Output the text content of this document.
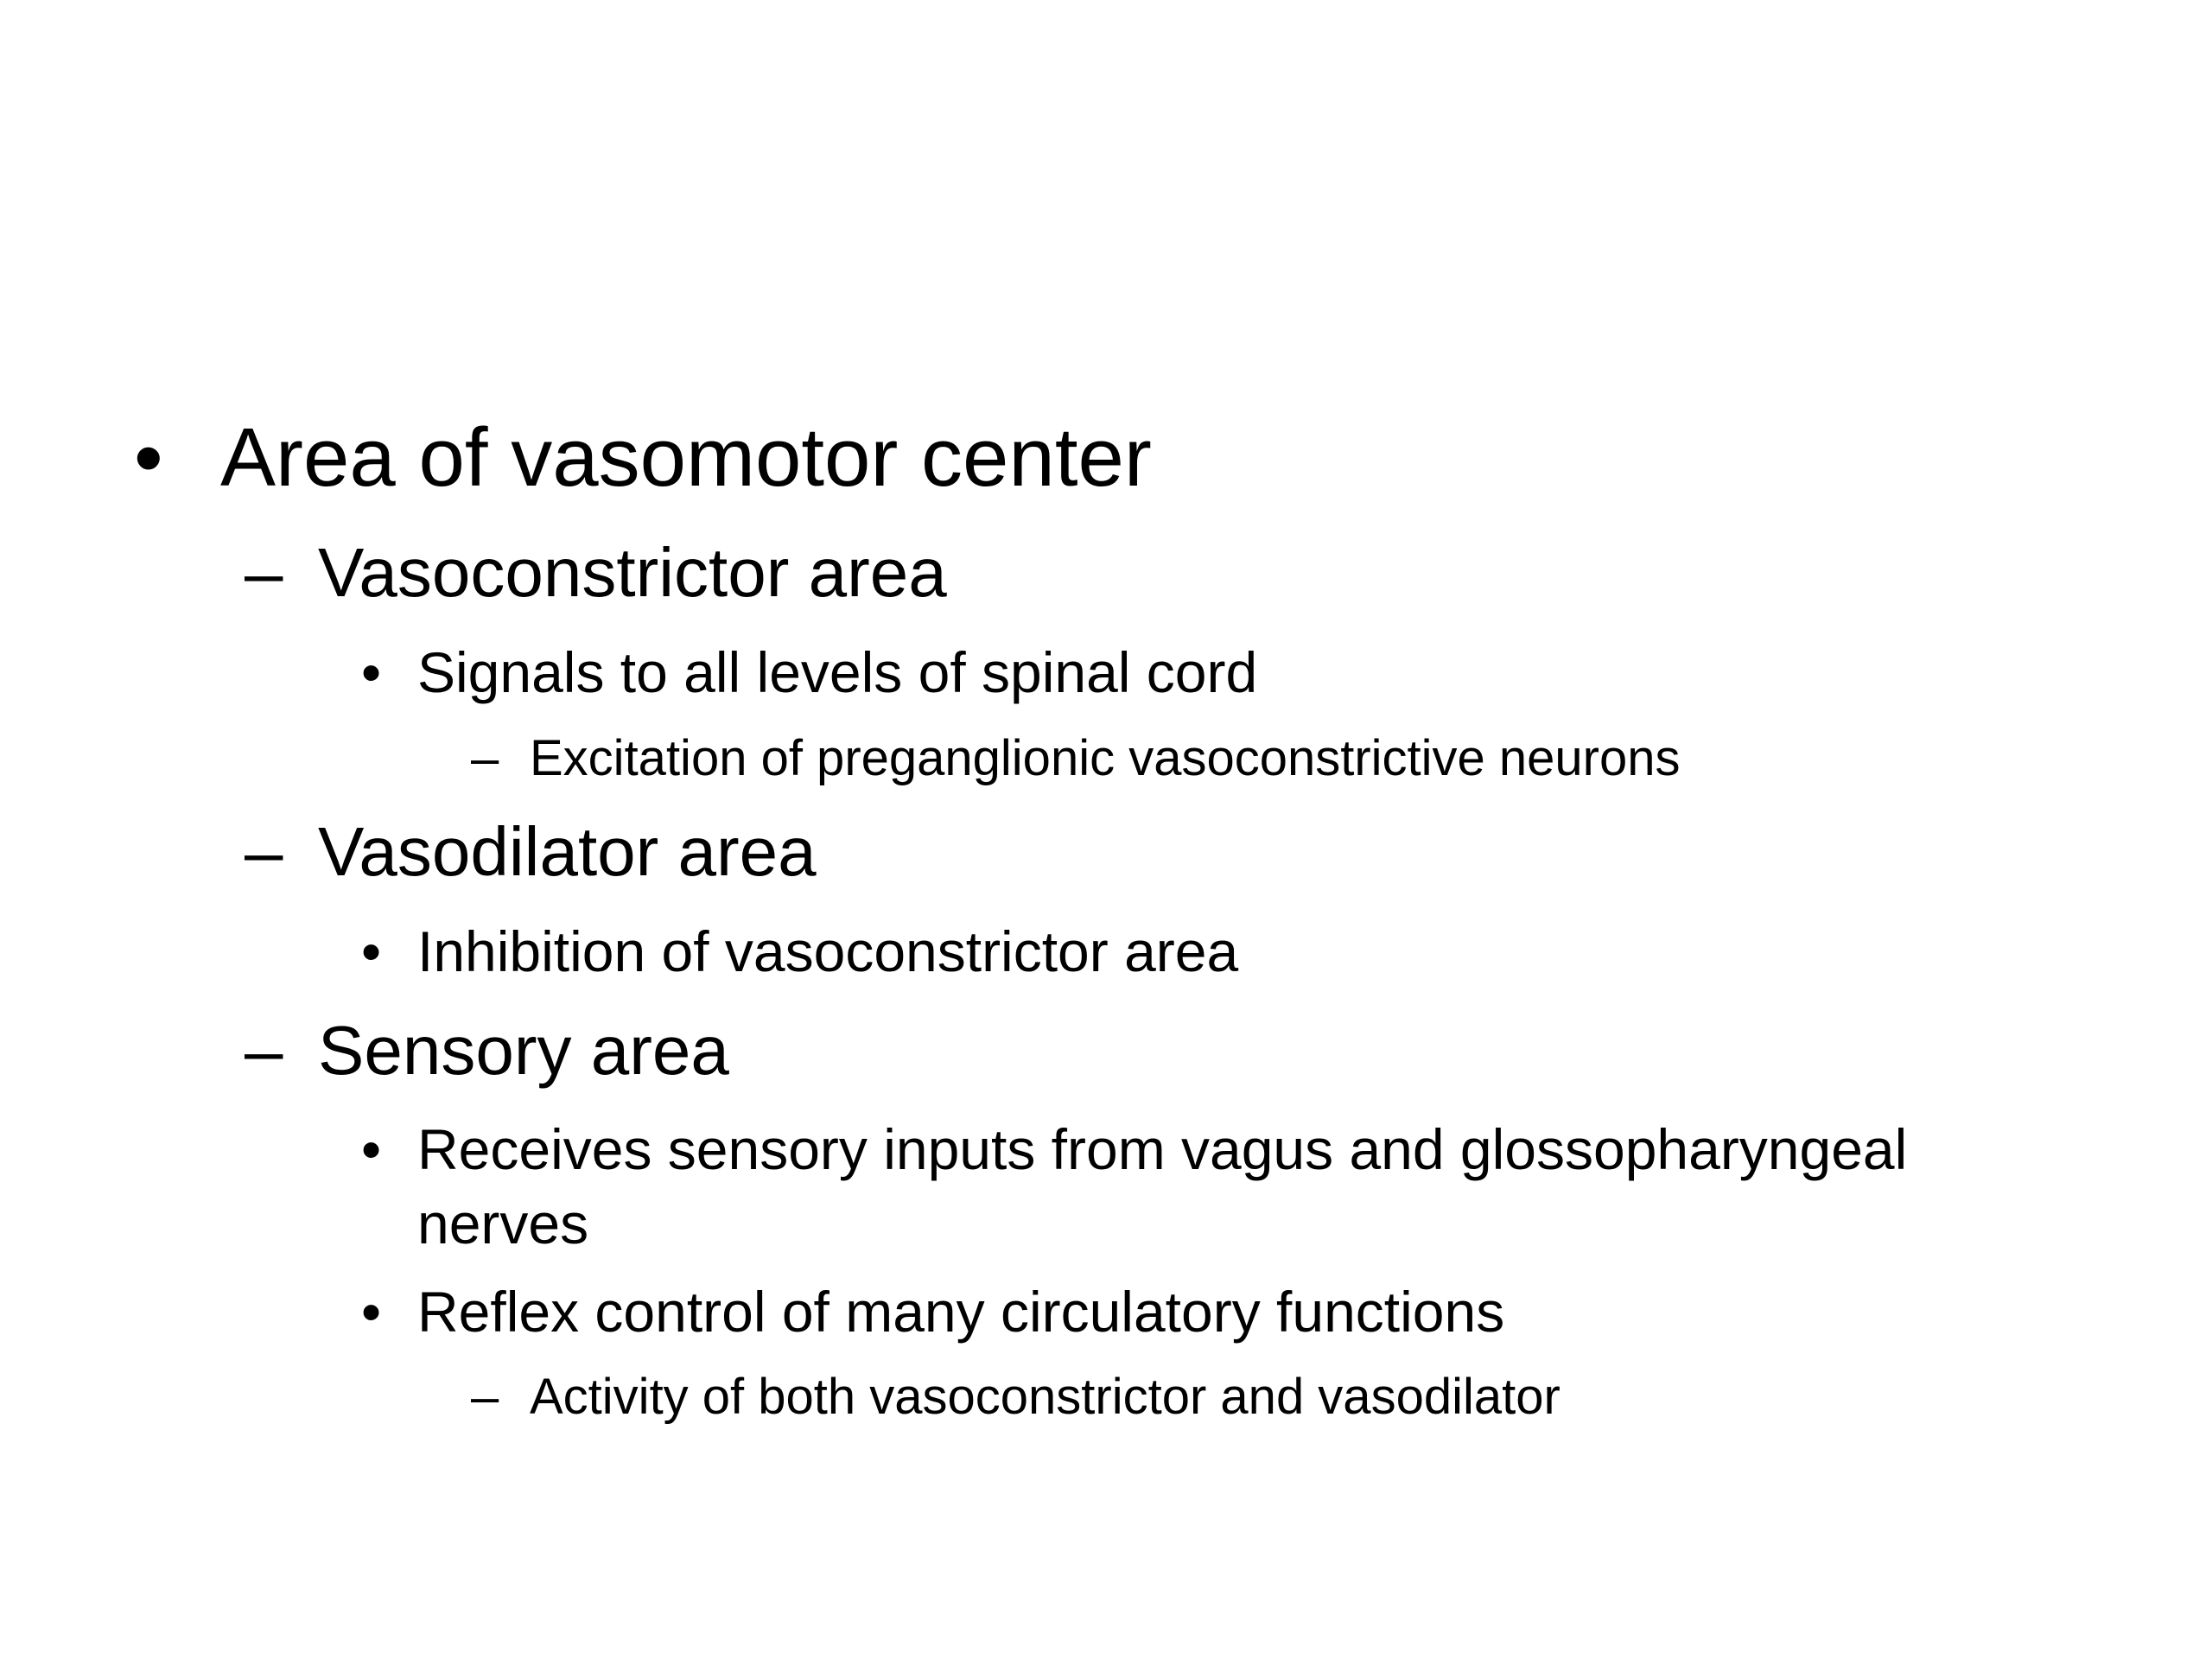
• Area of vasomotor center
– Vasoconstrictor area
• Signals to all levels of spinal cord
– Excitation of preganglionic vasoconstrictive neurons
– Vasodilator area
• Inhibition of vasoconstrictor area
– Sensory area
• Receives sensory inputs from vagus and glossopharyngeal
nerves
• Reflex control of many circulatory functions
– Activity of both vasoconstrictor and vasodilator
